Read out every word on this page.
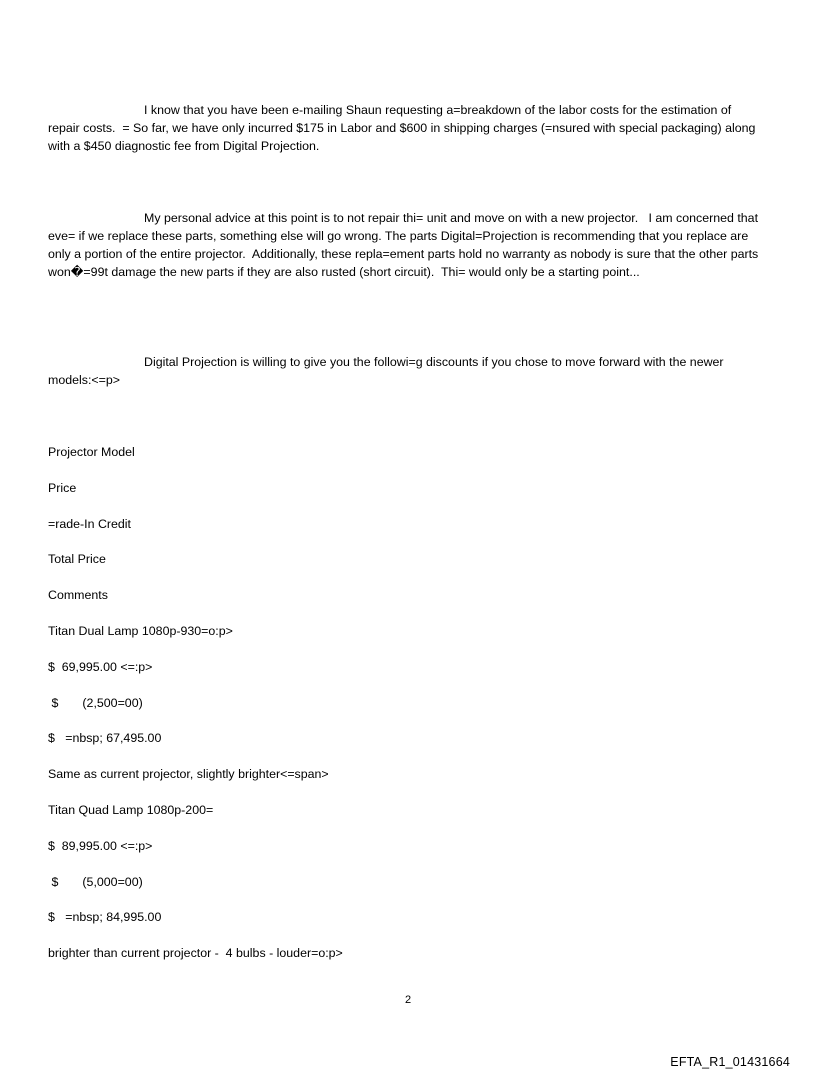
I know that you have been e-mailing Shaun requesting a=breakdown of the labor costs for the estimation of repair costs.  = So far, we have only incurred $175 in Labor and $600 in shipping charges (=nsured with special packaging) along with a $450 diagnostic fee from Digital Projection.

My personal advice at this point is to not repair thi= unit and move on with a new projector.   I am concerned that eve= if we replace these parts, something else will go wrong. The parts Digital=Projection is recommending that you replace are only a portion of the entire projector.  Additionally, these repla=ement parts hold no warranty as nobody is sure that the other parts won�=99t damage the new parts if they are also rusted (short circuit).  Thi= would only be a starting point...

Digital Projection is willing to give you the followi=g discounts if you chose to move forward with the newer models:<=p>

Projector Model
Price
=rade-In Credit
Total Price
Comments
Titan Dual Lamp 1080p-930=o:p>
$  69,995.00 <=:p>
$       (2,500=00)
$   =nbsp; 67,495.00
Same as current projector, slightly brighter<=span>
Titan Quad Lamp 1080p-200=
$  89,995.00 <=:p>
$       (5,000=00)
$   =nbsp; 84,995.00
brighter than current projector -  4 bulbs - louder=o:p>
2
EFTA_R1_01431664
